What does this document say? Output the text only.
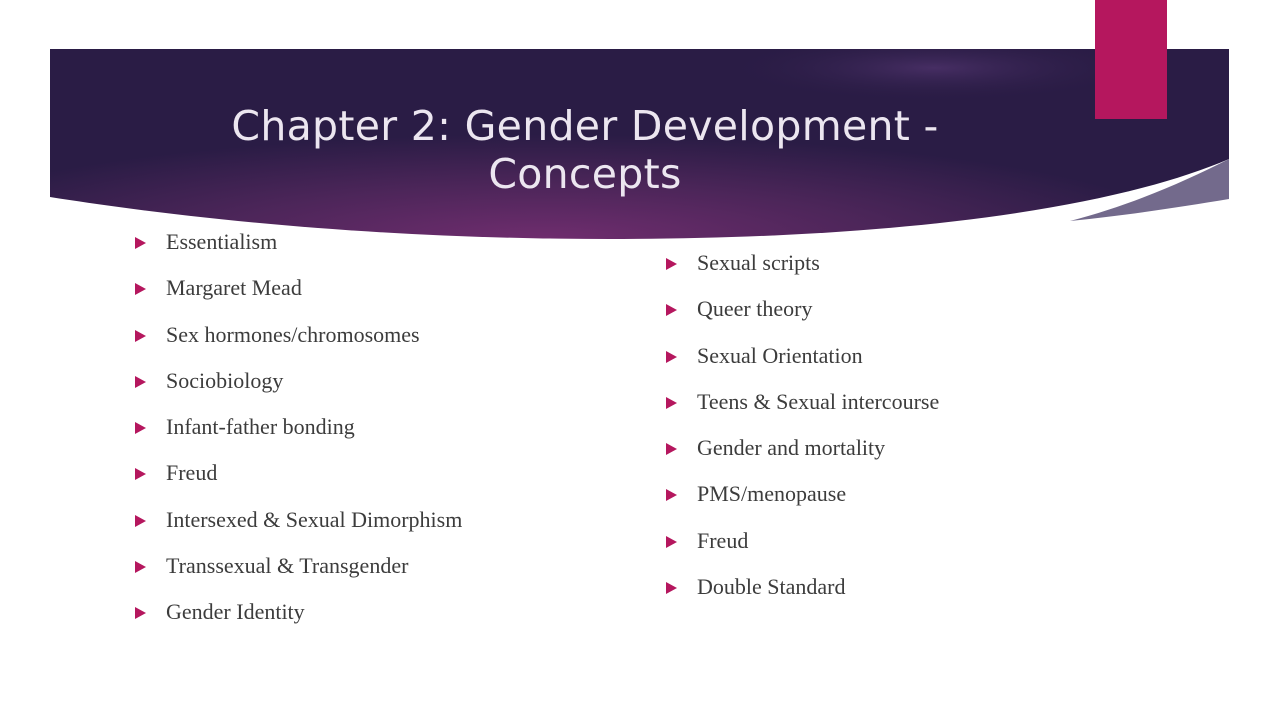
Chapter 2: Gender Development - Concepts
Essentialism
Margaret Mead
Sex hormones/chromosomes
Sociobiology
Infant-father bonding
Freud
Intersexed & Sexual Dimorphism
Transsexual & Transgender
Gender Identity
Sexual scripts
Queer theory
Sexual Orientation
Teens & Sexual intercourse
Gender and mortality
PMS/menopause
Freud
Double Standard
